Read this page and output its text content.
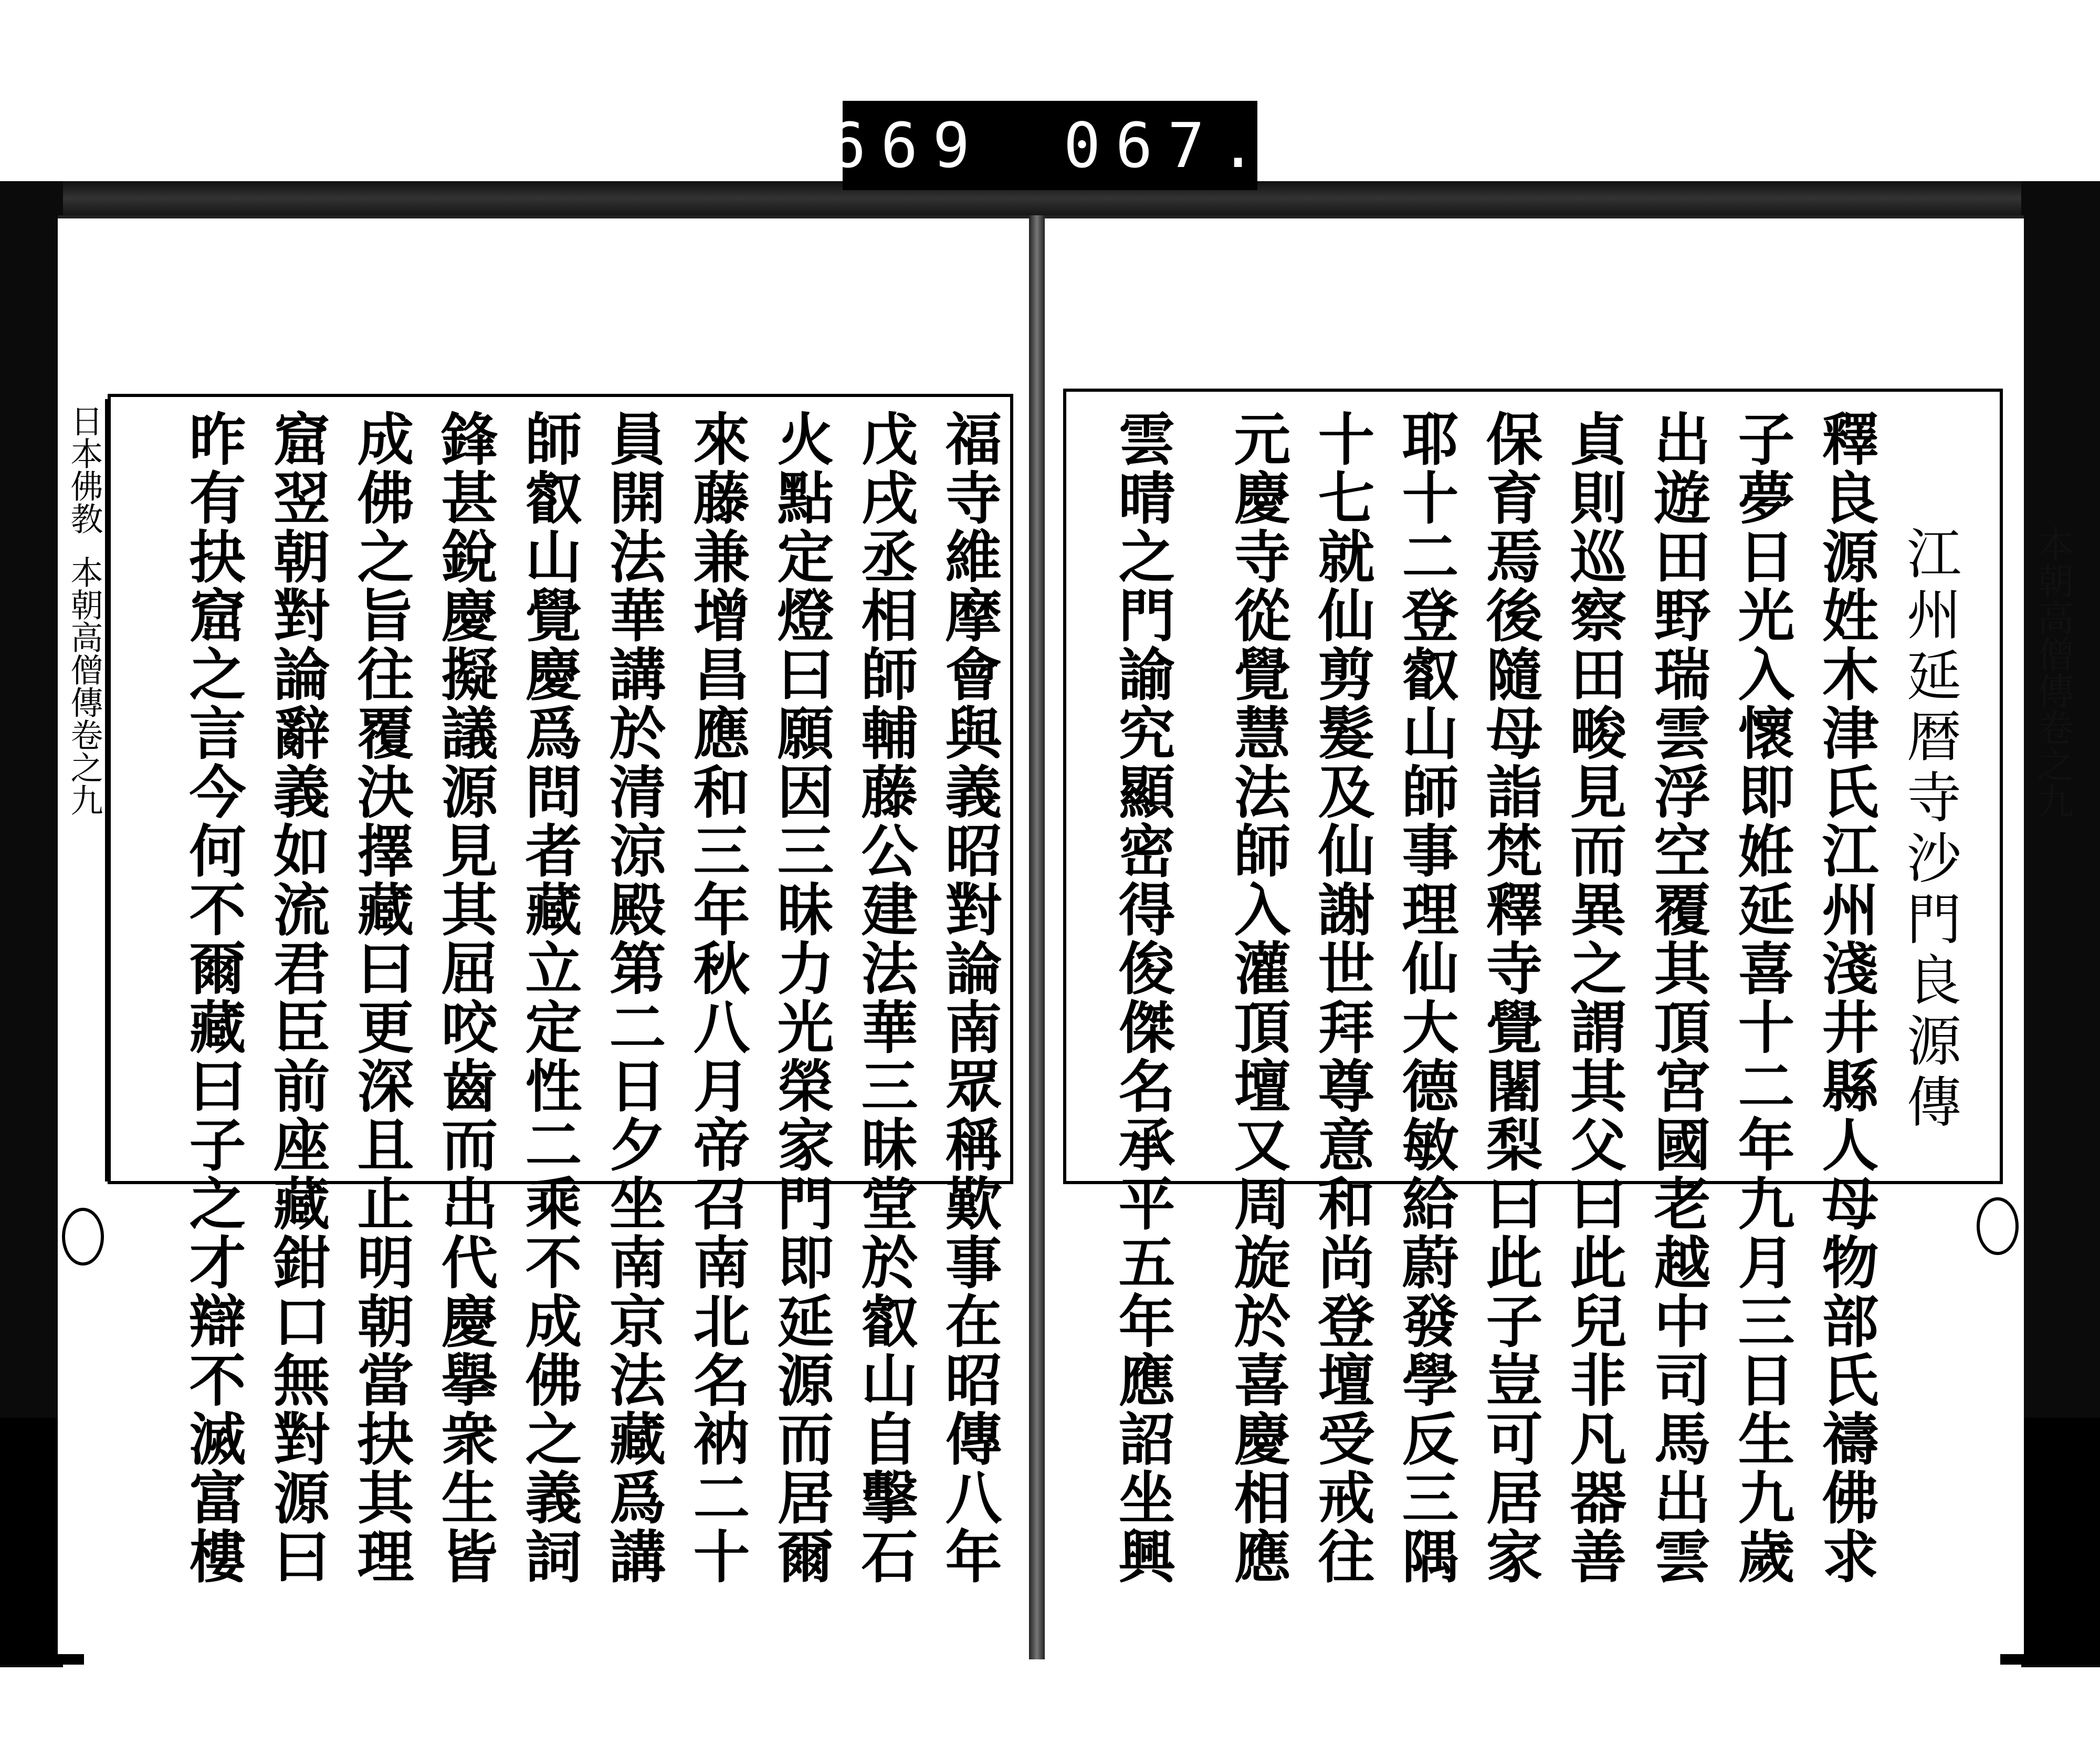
669 067.
日本佛教
本朝高僧傳卷之九	福寺維摩會與義昭對論南眾稱歎事在昭傳八年
戊戌丞相師輔藤公建法華三昧堂於叡山自擊石
火點定燈曰願因三昧力光榮家門即延源而居爾
來藤兼增昌應和三年秋八月帝召南北名衲二十
員開法華講於清涼殿第二日夕坐南京法藏爲講
師叡山覺慶爲問者藏立定性二乘不成佛之義詞
鋒甚銳慶擬議源見其屈咬齒而出代慶擧衆生皆
成佛之旨往覆決擇藏曰更深且止明朝當抉其理
窟翌朝對論辭義如流君臣前座藏鉗口無對源曰
昨有抉窟之言今何不爾藏曰子之才辯不滅富樓	江州延暦寺沙門良源傳
釋良源姓木津氏江州淺井縣人母物部氏禱佛求
子夢日光入懷即姙延喜十二年九月三日生九歲
出遊田野瑞雲浮空覆其頂宮國老越中司馬出雲
貞則巡察田畯見而異之謂其父曰此兒非凡器善
保育焉後隨母詣梵釋寺覺闍梨曰此子豈可居家
耶十二登叡山師事理仙大德敏給蔚發學反三隅
十七就仙剪髮及仙謝世拜尊意和尚登壇受戒往
元慶寺從覺慧法師入灌頂壇又周旋於喜慶相應
雲晴之門諭究顯密得俊傑名承平五年應詔坐興	本朝高僧傳卷之九
